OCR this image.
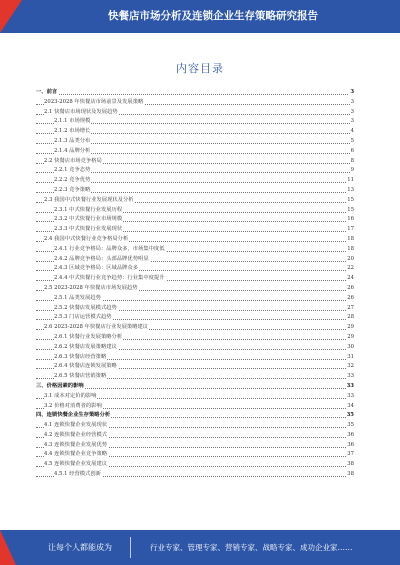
快餐店市场分析及连锁企业生存策略研究报告
内容目录
一、前言	3
2023-2028 年快餐店市场前景及发展策略	3
2.1 快餐店市场现状及发展趋势	3
2.1.1 市场规模	3
2.1.2 市场增长	4
2.1.3 品类分布	5
2.1.4 品牌分析	6
2.2 快餐店市场竞争格局	8
2.2.1 竞争态势	9
2.2.2 竞争优势	11
2.2.3 竞争策略	13
2.3 我国中式快餐行业发展现状及分析	15
2.3.1 中式快餐行业发展历程	15
2.3.2 中式快餐行业市场规模	16
2.3.3 中式快餐行业发展现状	17
2.4 我国中式快餐行业竞争格局分析	18
2.4.1 行业竞争格局：品牌众多，市场集中度低	18
2.4.2 品牌竞争格局：头部品牌优势明显	20
2.4.3 区域竞争格局：区域品牌众多	22
2.4.4 中式快餐行业竞争趋势：行业集中度提升	24
2.5 2023-2028 年快餐店市场发展趋势	26
2.5.1 品类发展趋势	26
2.5.2 快餐店发展模式趋势	27
2.5.3 门店运营模式趋势	28
2.6 2023-2028 年快餐店行业发展策略建议	29
2.6.1 快餐行业发展策略分析	29
2.6.2 快餐店发展策略建议	30
2.6.3 快餐店经营策略	31
2.6.4 快餐店连锁发展策略	32
2.6.5 快餐店营销策略	33
三、价格因素的影响	33
3.1 成本对定价的影响	33
3.2 价格对消费者的影响	34
四、连锁快餐企业生存策略分析	35
4.1 连锁快餐企业发展现状	35
4.2 连锁快餐企业经营模式	36
4.3 连锁快餐企业发展优势	36
4.4 连锁快餐企业竞争策略	37
4.5 连锁快餐企业发展建议	38
4.5.1 经营模式创新	38
让每个人都能成为	行业专家、管理专家、营销专家、战略专家、成功企业家……
